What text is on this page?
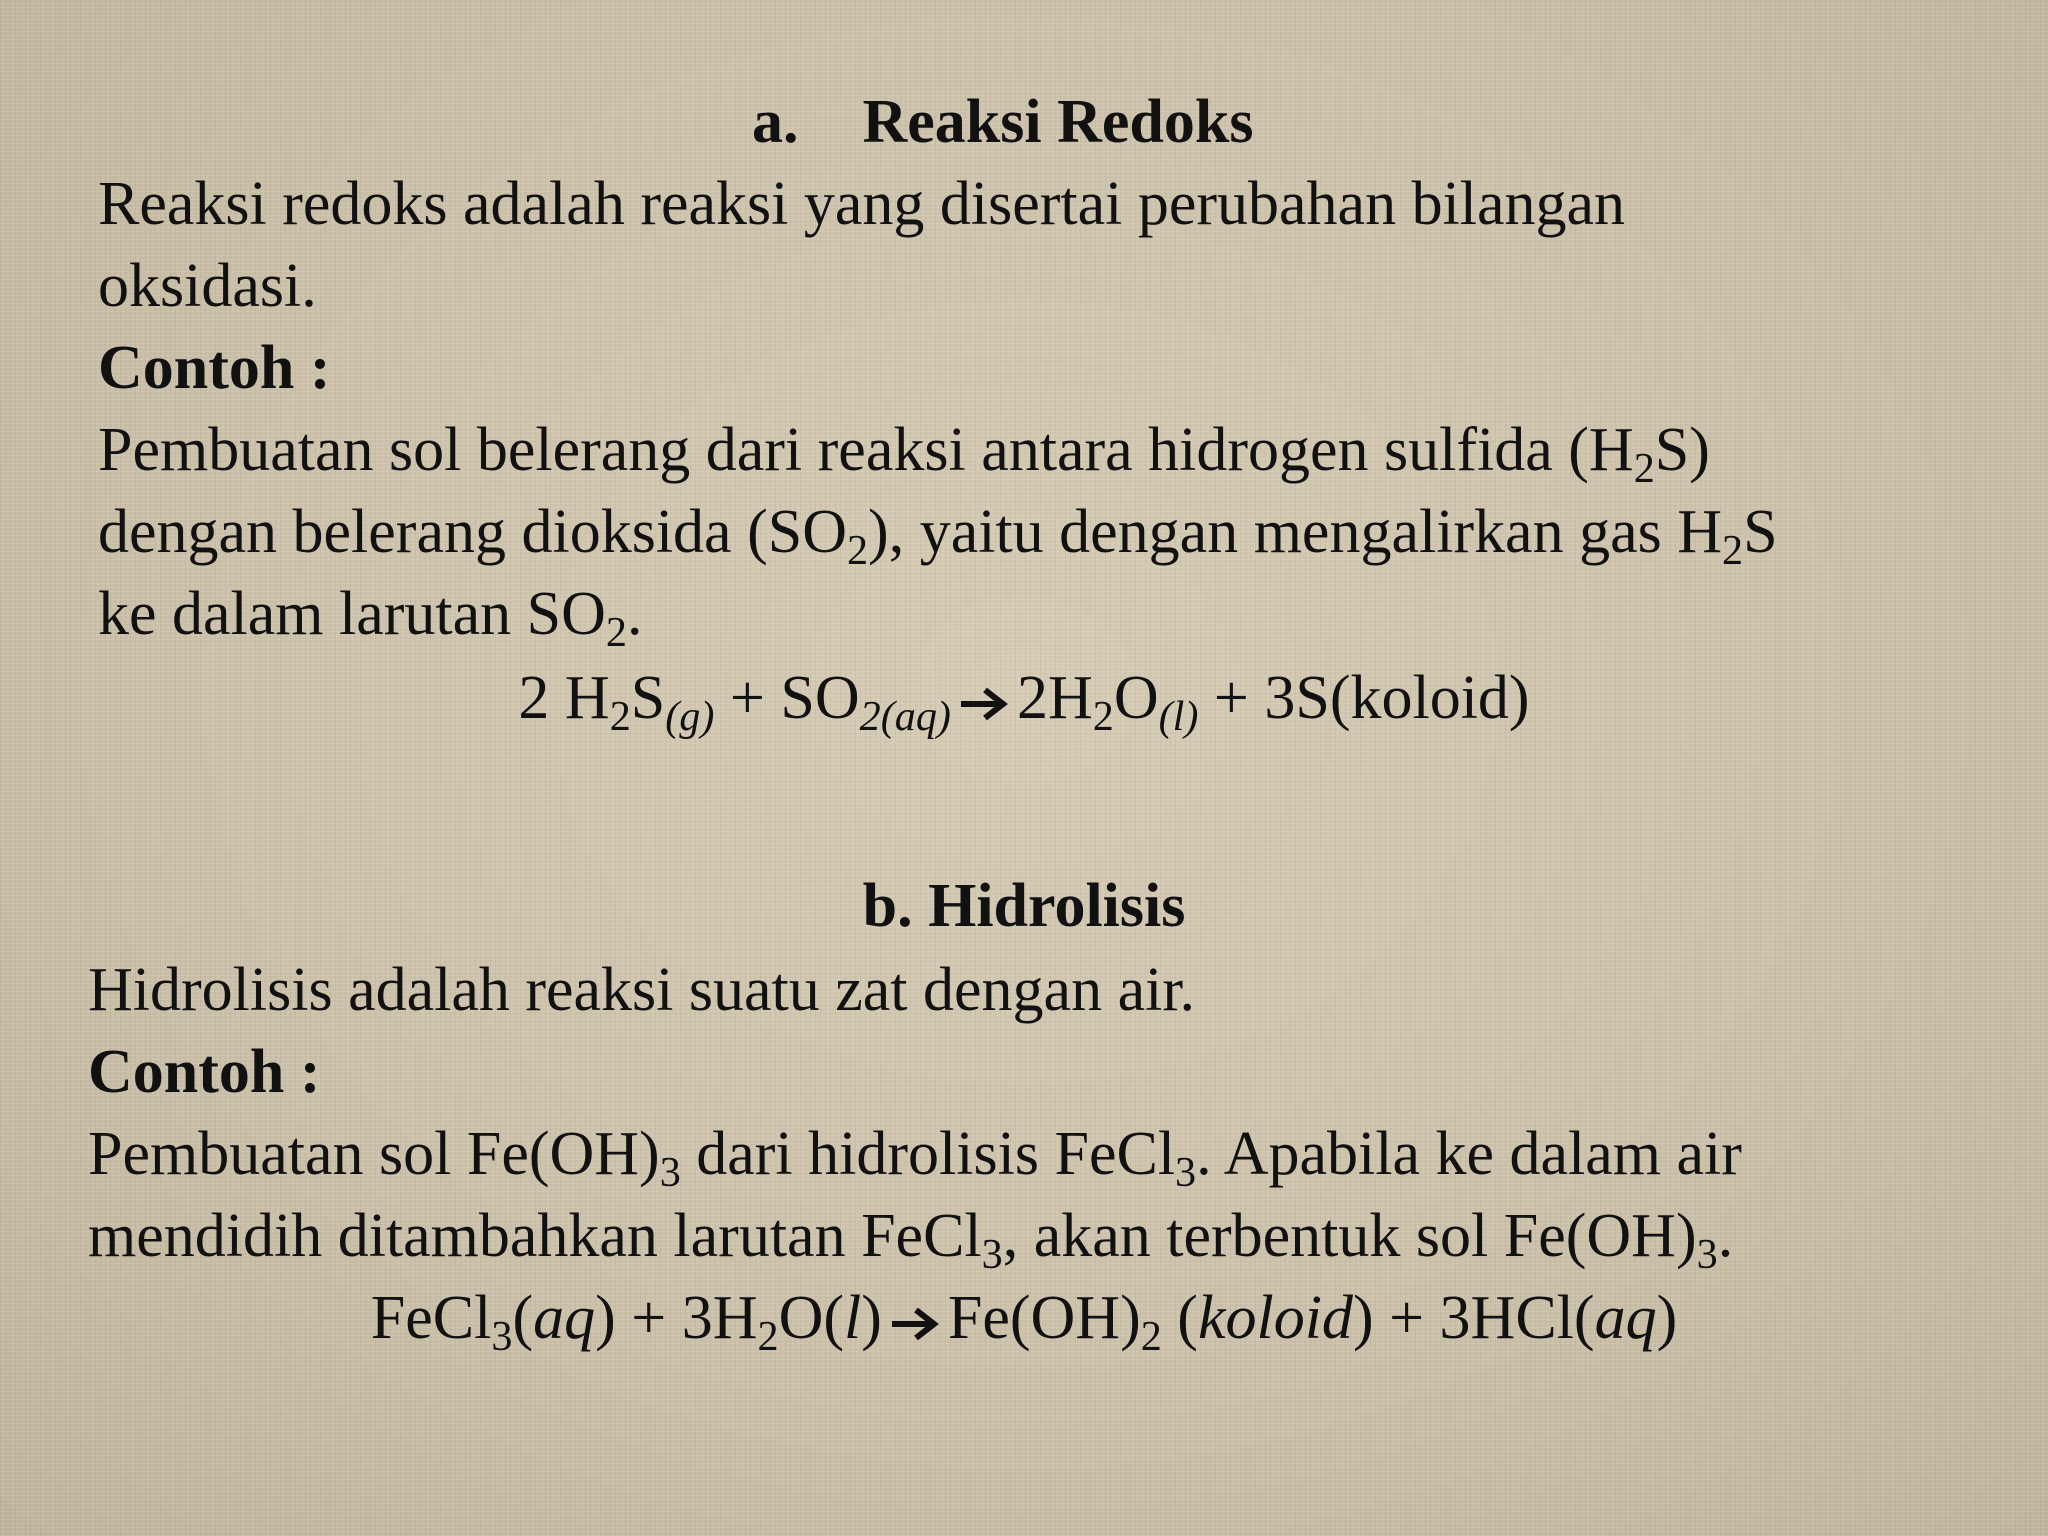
a. Reaksi Redoks
Reaksi redoks adalah reaksi yang disertai perubahan bilangan
oksidasi.
Contoh :
Pembuatan sol belerang dari reaksi antara hidrogen sulfida $(H_2S)$
dengan belerang dioksida $(SO_2)$, yaitu dengan mengalirkan gas $H_2S$
ke dalam larutan $SO_2$.
2 $H_2S_{(g)} + SO_{2(aq)}$ $2H_2O_{(l)}$ + 3S(koloid)
b. Hidrolisis
Hidrolisis adalah reaksi suatu zat dengan air.
Contoh :
Pembuatan sol $Fe(OH)_3$ dari hidrolisis FeCl$_3$. Apabila ke dalam air
mendidih ditambahkan larutan FeCl$_3$, akan terbentuk sol $Fe(OH)_3$.
FeCl$_3$(aq) + $3H_2O(l)$ $Fe(OH)_2$ (koloid) + 3HCl(aq)
